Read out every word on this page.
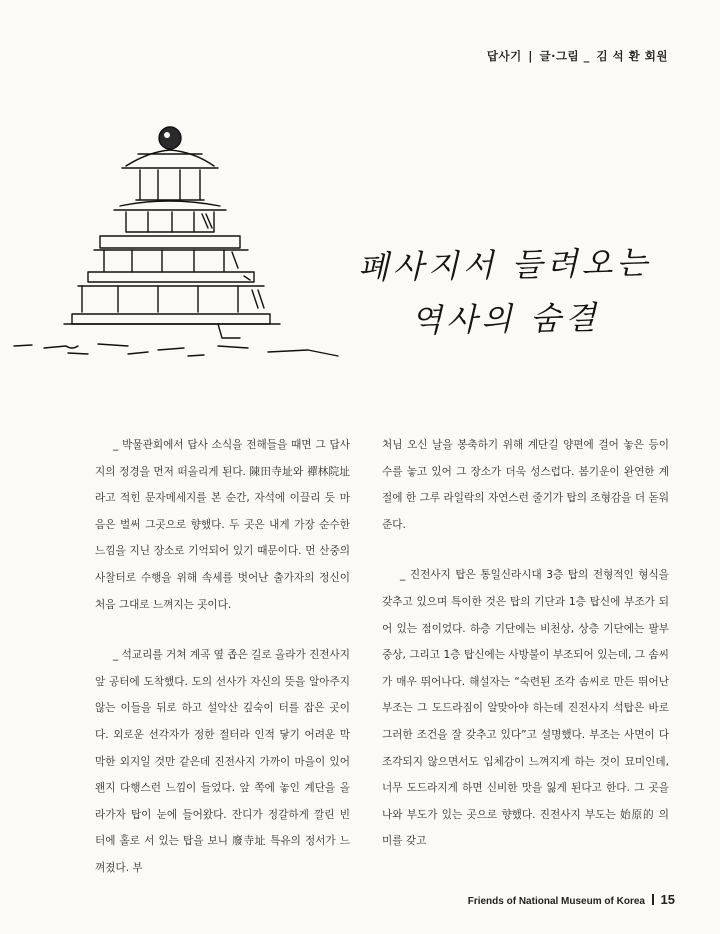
답사기 | 글·그림 _ 김 석 환 회원
폐사지서 들려오는
역사의 숨결

_ 박물관회에서 답사 소식을 전해들을 때면 그 답사지의 정경을 먼저 떠올리게 된다. 陳田寺址와 禪林院址라고 적힌 문자메세지를 본 순간, 자석에 이끌리 듯 마음은 벌써 그곳으로 향했다. 두 곳은 내게 가장 순수한 느낌을 지닌 장소로 기억되어 있기 때문이다. 먼 산중의 사찰터로 수행을 위해 속세를 벗어난 출가자의 정신이 처음 그대로 느껴지는 곳이다.

_ 석교리를 거쳐 계곡 옆 좁은 길로 올라가 진전사지 앞 공터에 도착했다. 도의 선사가 자신의 뜻을 알아주지 않는 이들을 뒤로 하고 설악산 깊숙이 터를 잡은 곳이다. 외로운 선각자가 정한 절터라 인적 닿기 어려운 막막한 외지일 것만 같은데 진전사지 가까이 마을이 있어 왠지 다행스런 느낌이 들었다. 앞 쪽에 놓인 계단을 올라가자 탑이 눈에 들어왔다. 잔디가 정갈하게 깔린 빈 터에 홀로 서 있는 탑을 보니 廢寺址 특유의 정서가 느껴졌다. 부

처님 오신 날을 봉축하기 위해 계단길 양편에 걸어 놓은 등이 수를 놓고 있어 그 장소가 더욱 성스럽다. 봄기운이 완연한 계절에 한 그루 라일락의 자연스런 줄기가 탑의 조형감을 더 돋워준다.

_ 진전사지 탑은 통일신라시대 3층 탑의 전형적인 형식을 갖추고 있으며 특이한 것은 탑의 기단과 1층 탑신에 부조가 되어 있는 점이었다. 하층 기단에는 비천상, 상층 기단에는 팔부중상, 그리고 1층 탑신에는 사방불이 부조되어 있는데, 그 솜씨가 매우 뛰어나다. 해설자는 “숙련된 조각 솜씨로 만든 뛰어난 부조는 그 도드라짐이 알맞아야 하는데 진전사지 석탑은 바로 그러한 조건을 잘 갖추고 있다”고 설명했다. 부조는 사면이 다 조각되지 않으면서도 입체감이 느껴지게 하는 것이 묘미인데, 너무 도드라지게 하면 신비한 맛을 잃게 된다고 한다. 그 곳을 나와 부도가 있는 곳으로 향했다. 진전사지 부도는 始原的 의미를 갖고

Friends of National Museum of Korea 15
